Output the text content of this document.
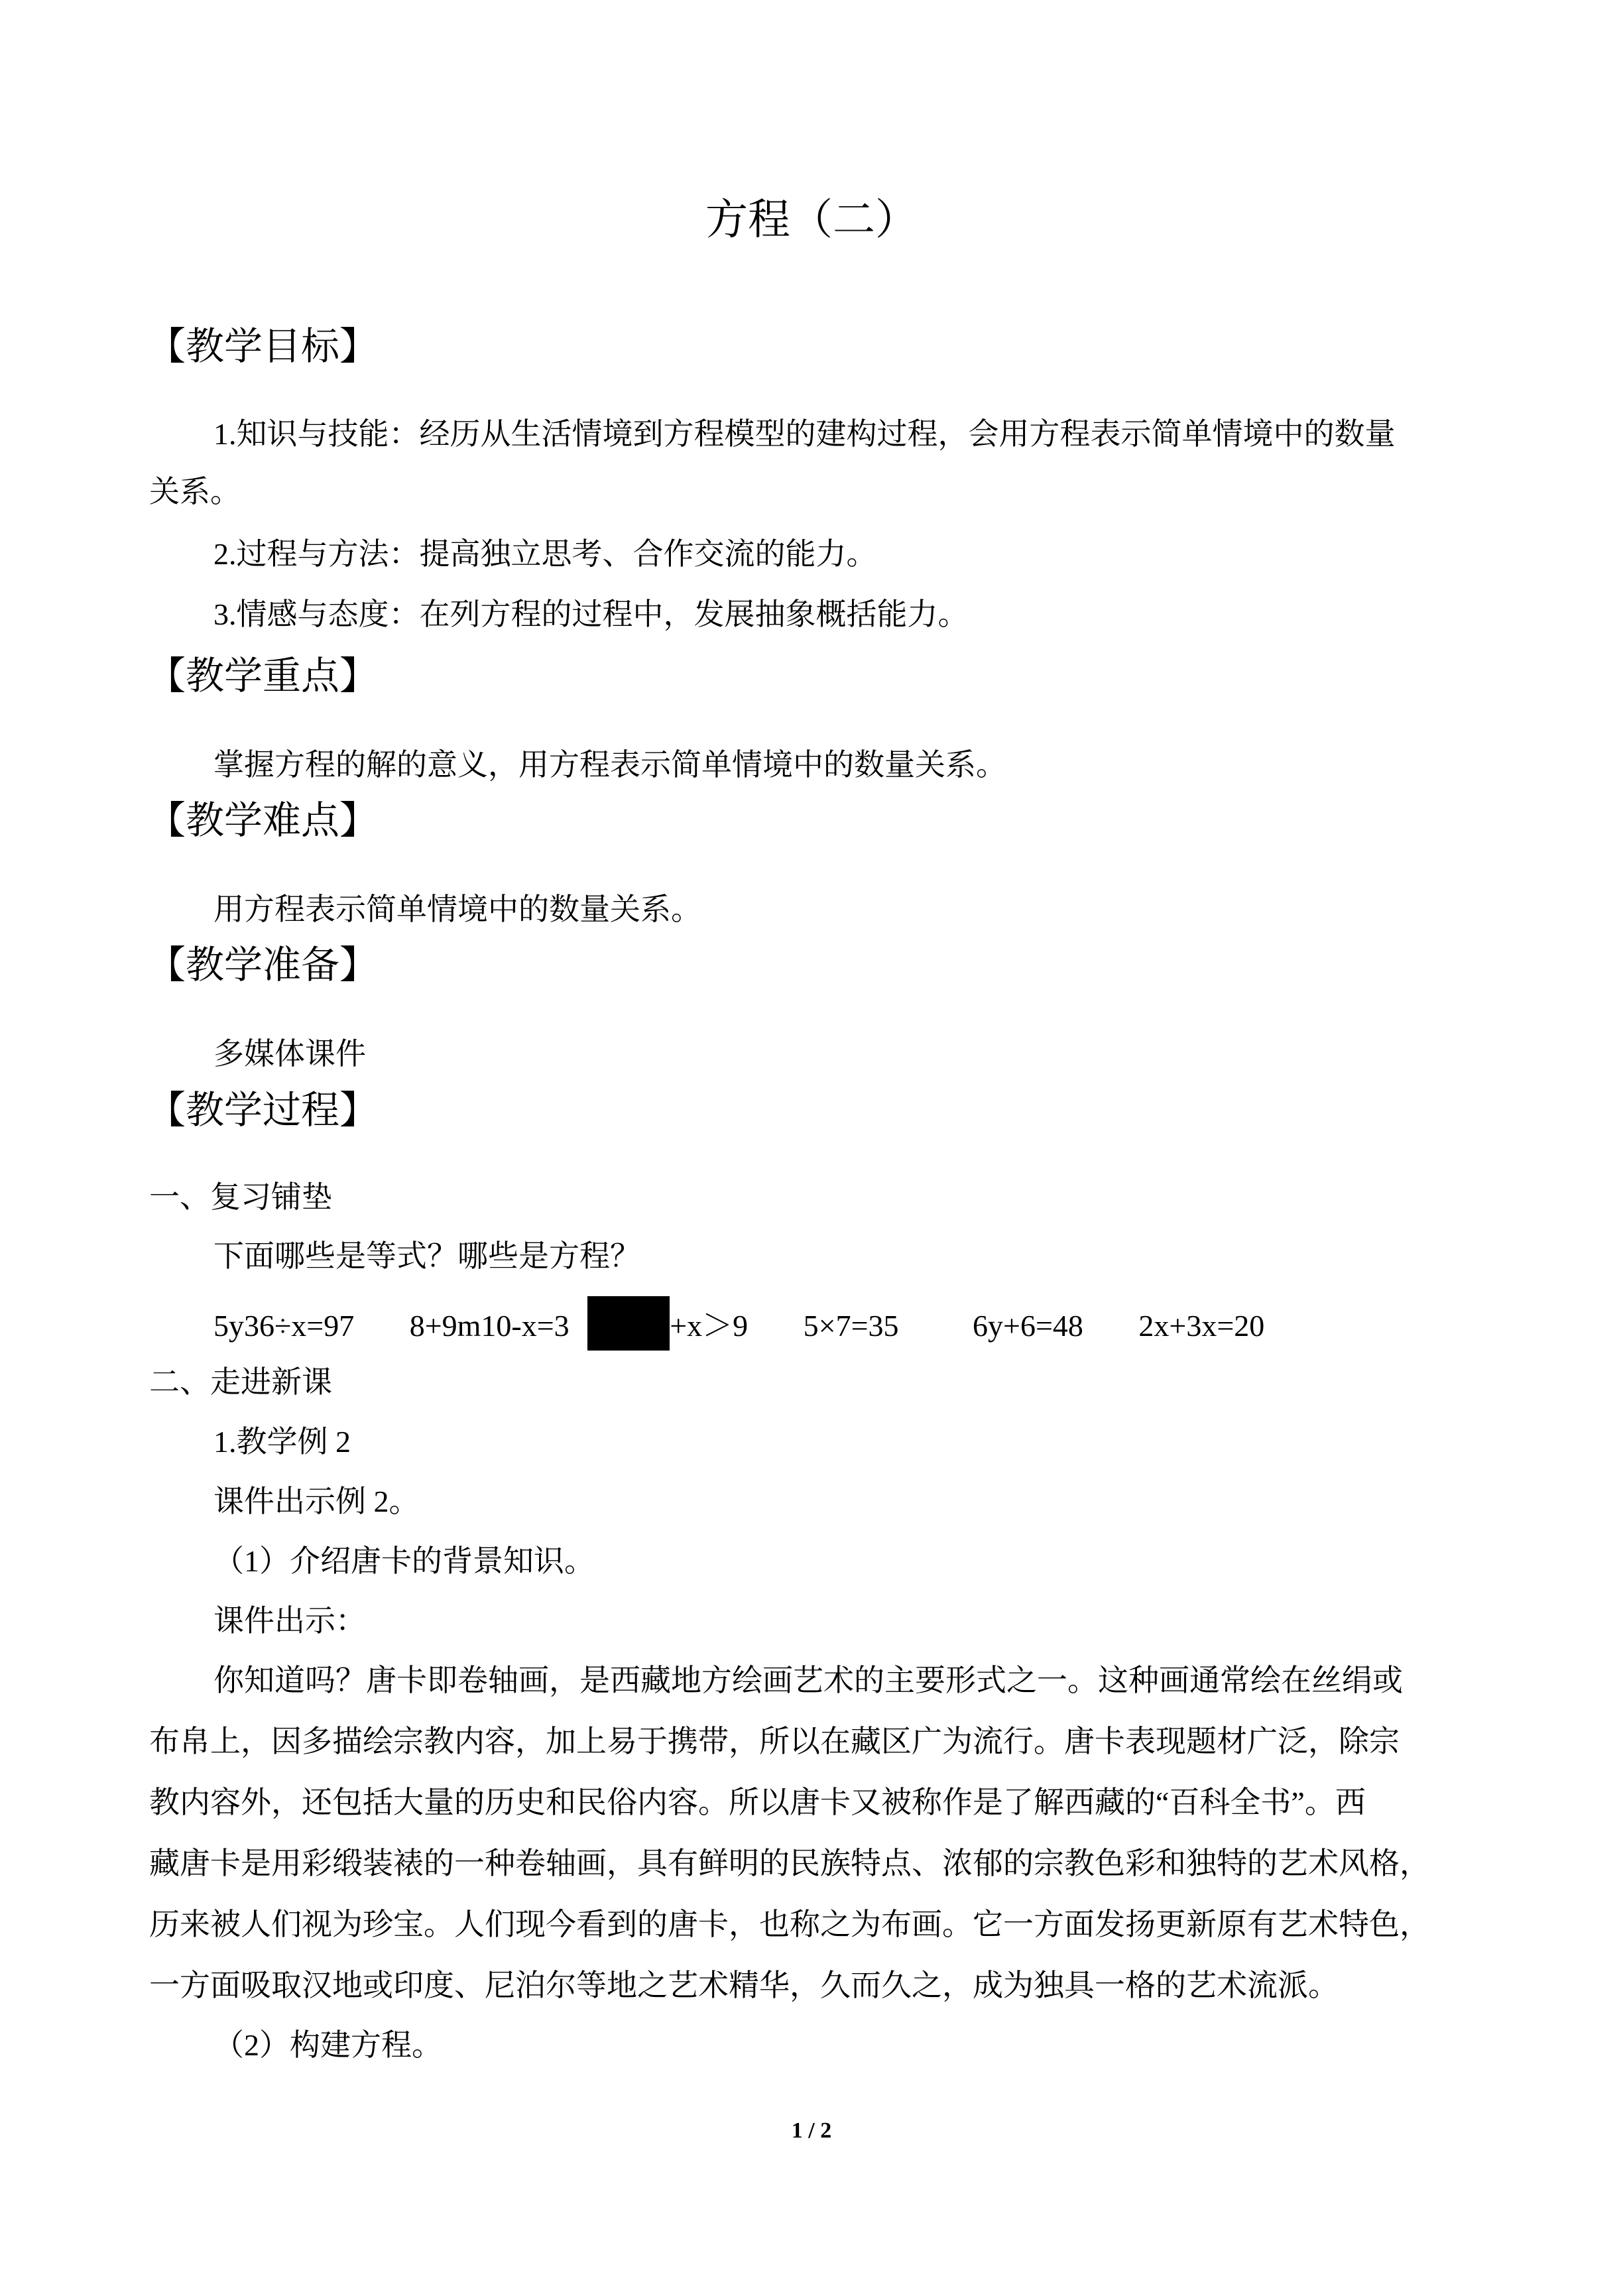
方程（二）
【教学目标】
1.知识与技能：经历从生活情境到方程模型的建构过程，会用方程表示简单情境中的数量
关系。
2.过程与方法：提高独立思考、合作交流的能力。
3.情感与态度：在列方程的过程中，发展抽象概括能力。
【教学重点】
掌握方程的解的意义，用方程表示简单情境中的数量关系。
【教学难点】
用方程表示简单情境中的数量关系。
【教学准备】
多媒体课件
【教学过程】
一、复习铺垫
下面哪些是等式？哪些是方程？
5y36÷x=97 8+9m10-x=3	+x＞9 5×7=35 6y+6=48 2x+3x=20
二、走进新课
1.教学例 2
课件出示例 2。
（1）介绍唐卡的背景知识。
课件出示：
你知道吗？唐卡即卷轴画，是西藏地方绘画艺术的主要形式之一。这种画通常绘在丝绢或
布帛上，因多描绘宗教内容，加上易于携带，所以在藏区广为流行。唐卡表现题材广泛，除宗
教内容外，还包括大量的历史和民俗内容。所以唐卡又被称作是了解西藏的“百科全书”。西
藏唐卡是用彩缎装裱的一种卷轴画，具有鲜明的民族特点、浓郁的宗教色彩和独特的艺术风格，
历来被人们视为珍宝。人们现今看到的唐卡，也称之为布画。它一方面发扬更新原有艺术特色，
一方面吸取汉地或印度、尼泊尔等地之艺术精华，久而久之，成为独具一格的艺术流派。
（2）构建方程。
1 / 2
